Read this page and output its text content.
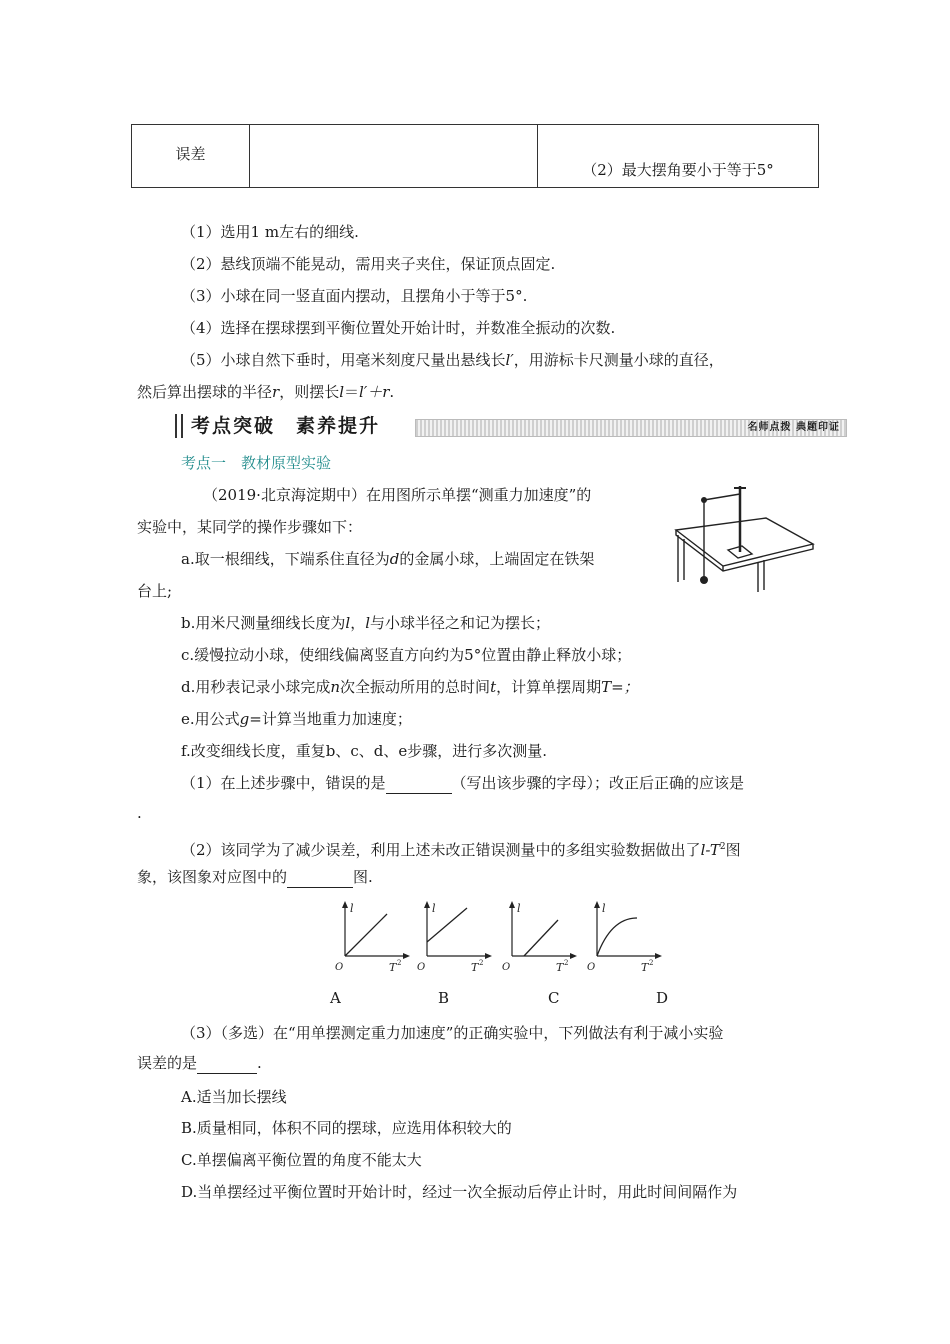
误差		（2）最大摆角要小于等于5°
（1）选用1 m左右的细线.
（2）悬线顶端不能晃动，需用夹子夹住，保证顶点固定.
（3）小球在同一竖直面内摆动，且摆角小于等于5°.
（4）选择在摆球摆到平衡位置处开始计时，并数准全振动的次数.
（5）小球自然下垂时，用毫米刻度尺量出悬线长l′，用游标卡尺测量小球的直径，
然后算出摆球的半径r，则摆长l＝l′＋r.
考点突破　素养提升	名师点拨 典题印证
考点一　教材原型实验
（2019·北京海淀期中）在用图所示单摆“测重力加速度”的
实验中，某同学的操作步骤如下：
a.取一根细线，下端系住直径为d的金属小球，上端固定在铁架
台上;
b.用米尺测量细线长度为l，l与小球半径之和记为摆长；
c.缓慢拉动小球，使细线偏离竖直方向约为5°位置由静止释放小球；
d.用秒表记录小球完成n次全振动所用的总时间t，计算单摆周期T=；
e.用公式g=计算当地重力加速度；
f.改变细线长度，重复b、c、d、e步骤，进行多次测量.
（1）在上述步骤中，错误的是	（写出该步骤的字母）；改正后正确的应该是
.
（2）该同学为了减少误差，利用上述未改正错误测量中的多组实验数据做出了$l-T^2$图
象，该图象对应图中的	图.
l
O	T 2
A
l
O	T 2
B
l
O	T 2
C
l
O	T 2
D
（3）（多选）在“用单摆测定重力加速度”的正确实验中，下列做法有利于减小实验
误差的是	.
A.适当加长摆线
B.质量相同，体积不同的摆球，应选用体积较大的
C.单摆偏离平衡位置的角度不能太大
D.当单摆经过平衡位置时开始计时，经过一次全振动后停止计时，用此时间间隔作为
